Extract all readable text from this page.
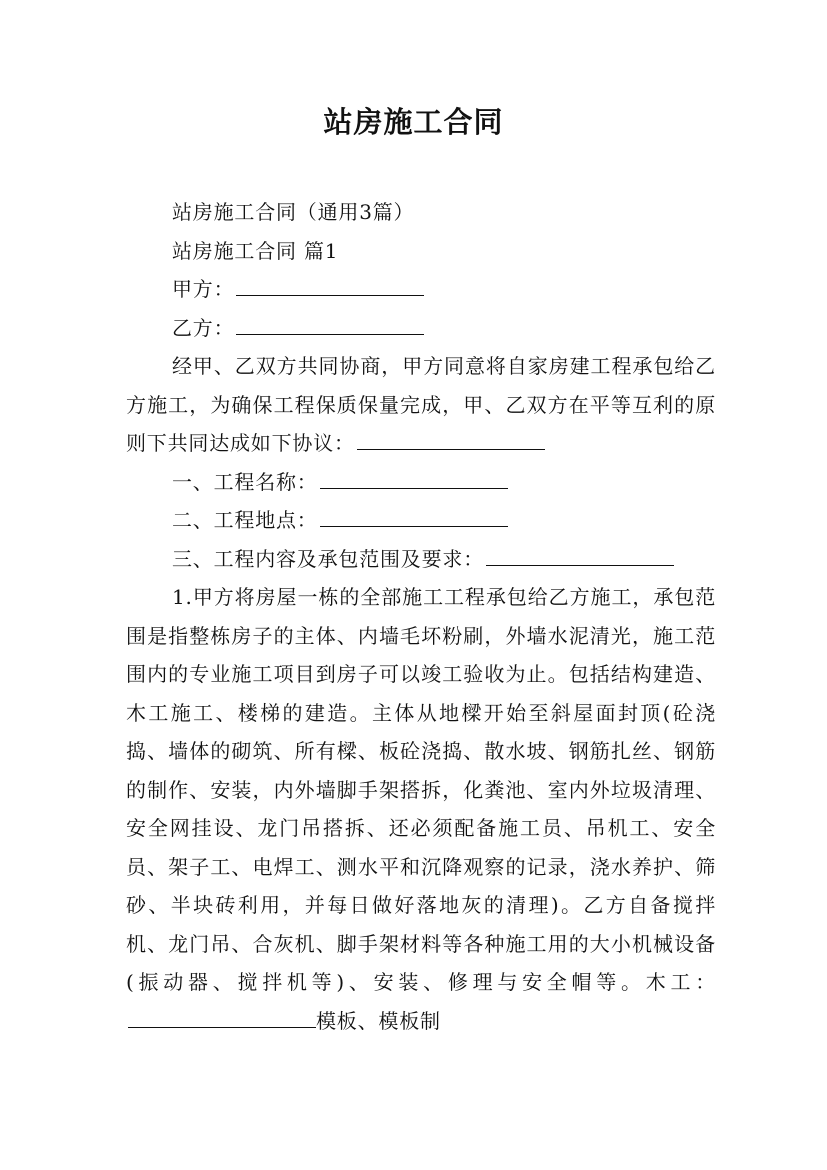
站房施工合同

站房施工合同（通用3篇）

站房施工合同 篇1

甲方：

乙方：

经甲、乙双方共同协商，甲方同意将自家房建工程承包给乙方施工，为确保工程保质保量完成，甲、乙双方在平等互利的原则下共同达成如下协议：

一、工程名称：

二、工程地点：

三、工程内容及承包范围及要求：

1.甲方将房屋一栋的全部施工工程承包给乙方施工，承包范围是指整栋房子的主体、内墙毛坏粉刷，外墙水泥清光，施工范围内的专业施工项目到房子可以竣工验收为止。包括结构建造、木工施工、楼梯的建造。主体从地樑开始至斜屋面封顶(砼浇捣、墙体的砌筑、所有樑、板砼浇捣、散水坡、钢筋扎丝、钢筋的制作、安装，内外墙脚手架搭拆，化粪池、室内外垃圾清理、安全网挂设、龙门吊搭拆、还必须配备施工员、吊机工、安全员、架子工、电焊工、测水平和沉降观察的记录，浇水养护、筛砂、半块砖利用，并每日做好落地灰的清理)。乙方自备搅拌机、龙门吊、合灰机、脚手架材料等各种施工用的大小机械设备(振动器、搅拌机等)、安装、修理与安全帽等。木工：模板、模板制
